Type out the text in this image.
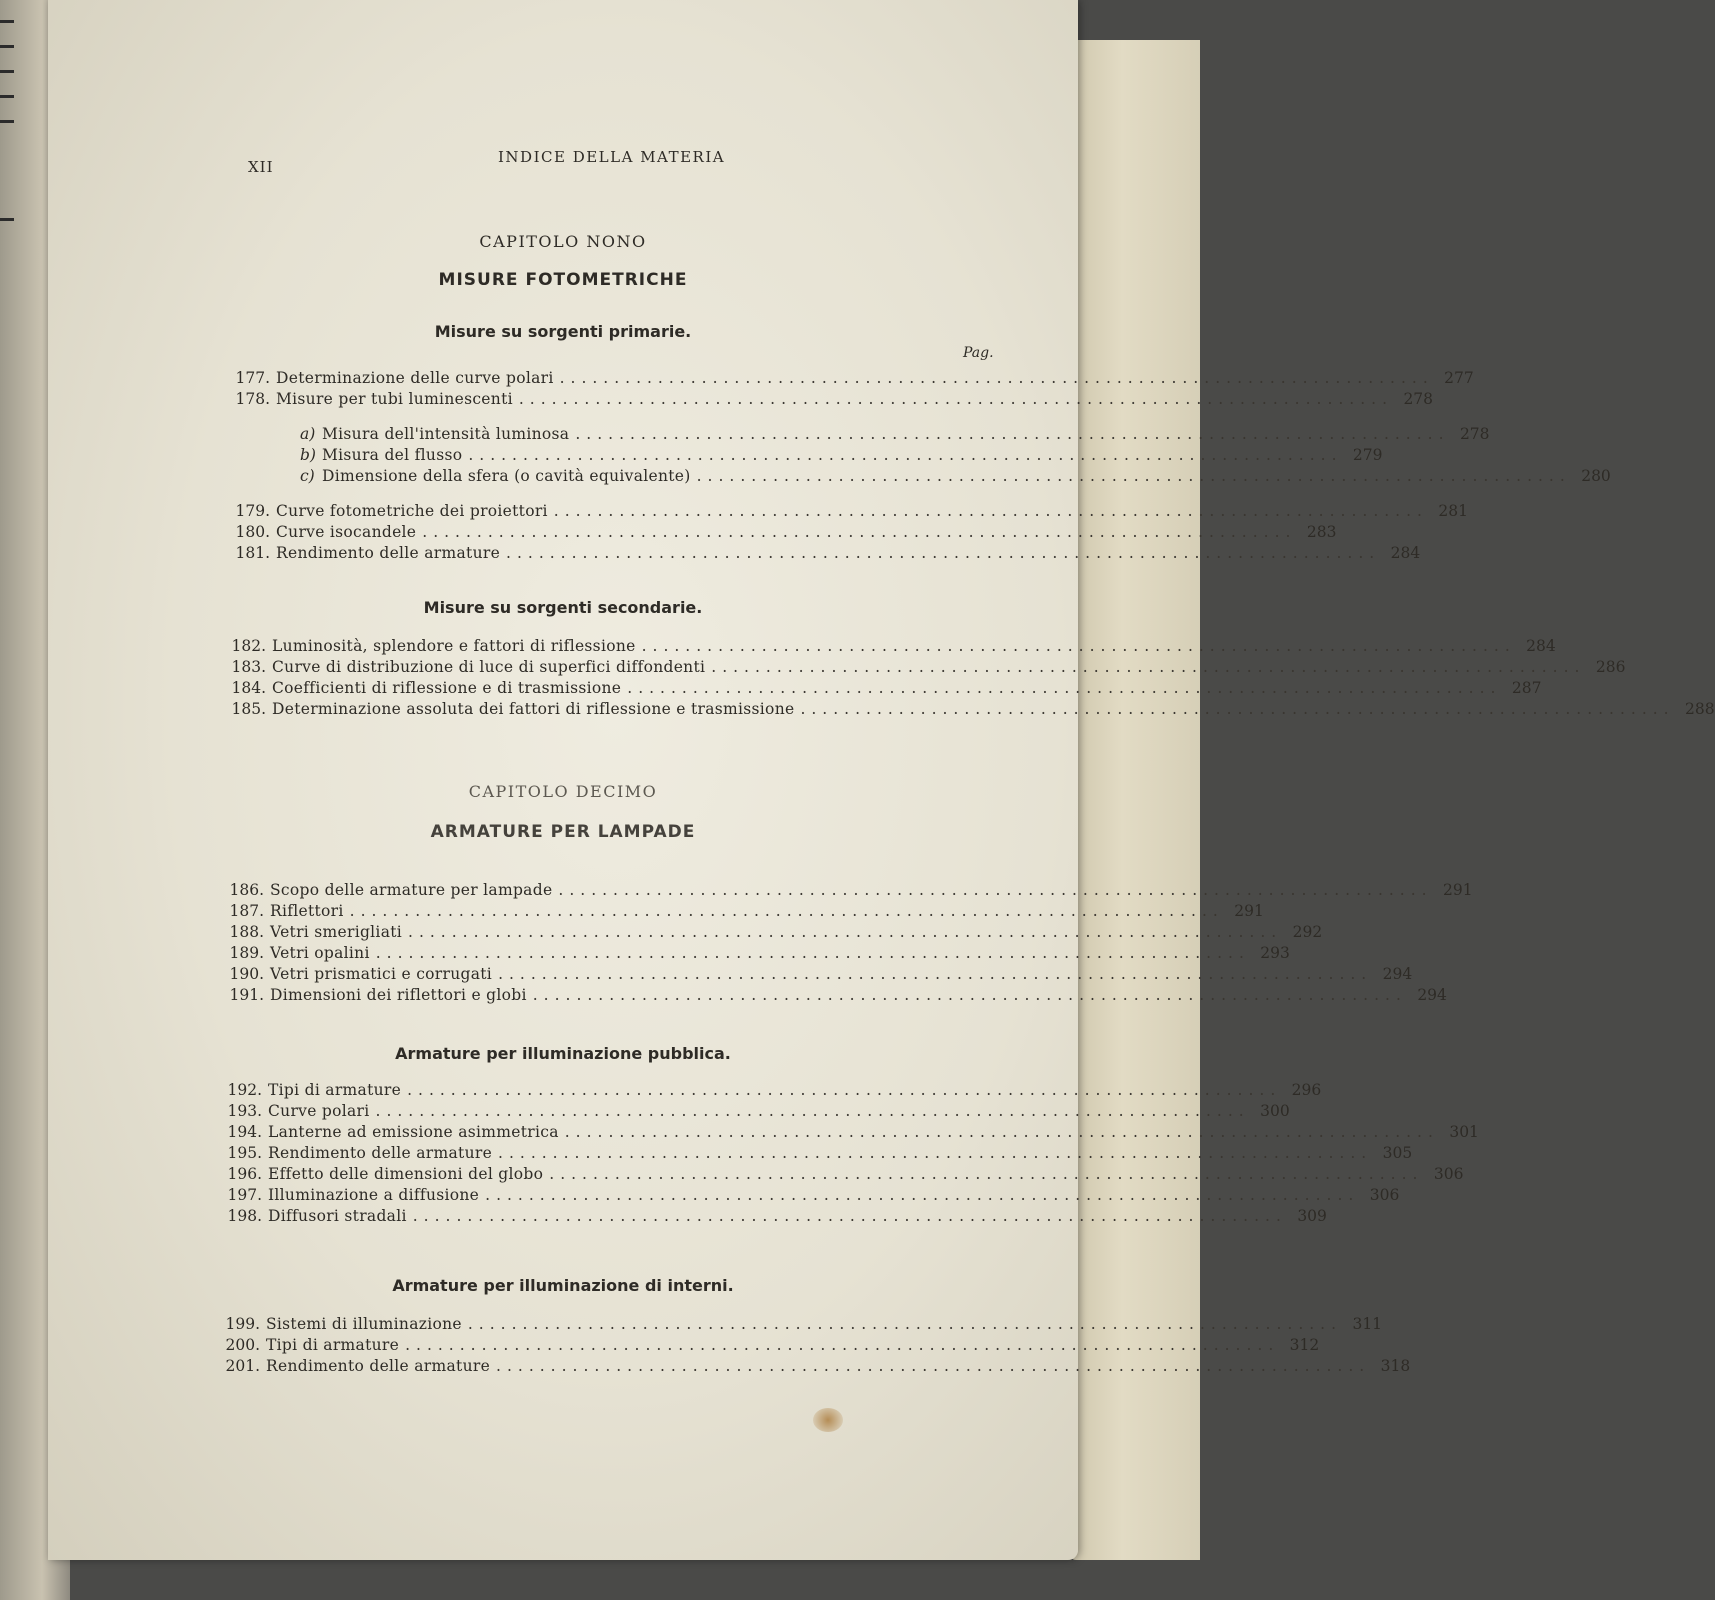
XII
INDICE DELLA MATERIA
CAPITOLO NONO
MISURE FOTOMETRICHE
Misure su sorgenti primarie.
Pag.
177. Determinazione delle curve polari ................................................................................ 277
178. Misure per tubi luminescenti ................................................................................ 278
a) Misura dell'intensità luminosa ................................................................................ 278
b) Misura del flusso ................................................................................ 279
c) Dimensione della sfera (o cavità equivalente) ................................................................................ 280
179. Curve fotometriche dei proiettori ................................................................................ 281
180. Curve isocandele ................................................................................ 283
181. Rendimento delle armature ................................................................................ 284
Misure su sorgenti secondarie.
182. Luminosità, splendore e fattori di riflessione ................................................................................ 284
183. Curve di distribuzione di luce di superfici diffondenti ................................................................................ 286
184. Coefficienti di riflessione e di trasmissione ................................................................................ 287
185. Determinazione assoluta dei fattori di riflessione e trasmissione ................................................................................ 288
CAPITOLO DECIMO
ARMATURE PER LAMPADE
186. Scopo delle armature per lampade ................................................................................ 291
187. Riflettori ................................................................................ 291
188. Vetri smerigliati ................................................................................ 292
189. Vetri opalini ................................................................................ 293
190. Vetri prismatici e corrugati ................................................................................ 294
191. Dimensioni dei riflettori e globi ................................................................................ 294
Armature per illuminazione pubblica.
192. Tipi di armature ................................................................................ 296
193. Curve polari ................................................................................ 300
194. Lanterne ad emissione asimmetrica ................................................................................ 301
195. Rendimento delle armature ................................................................................ 305
196. Effetto delle dimensioni del globo ................................................................................ 306
197. Illuminazione a diffusione ................................................................................ 306
198. Diffusori stradali ................................................................................ 309
Armature per illuminazione di interni.
199. Sistemi di illuminazione ................................................................................ 311
200. Tipi di armature ................................................................................ 312
201. Rendimento delle armature ................................................................................ 318
